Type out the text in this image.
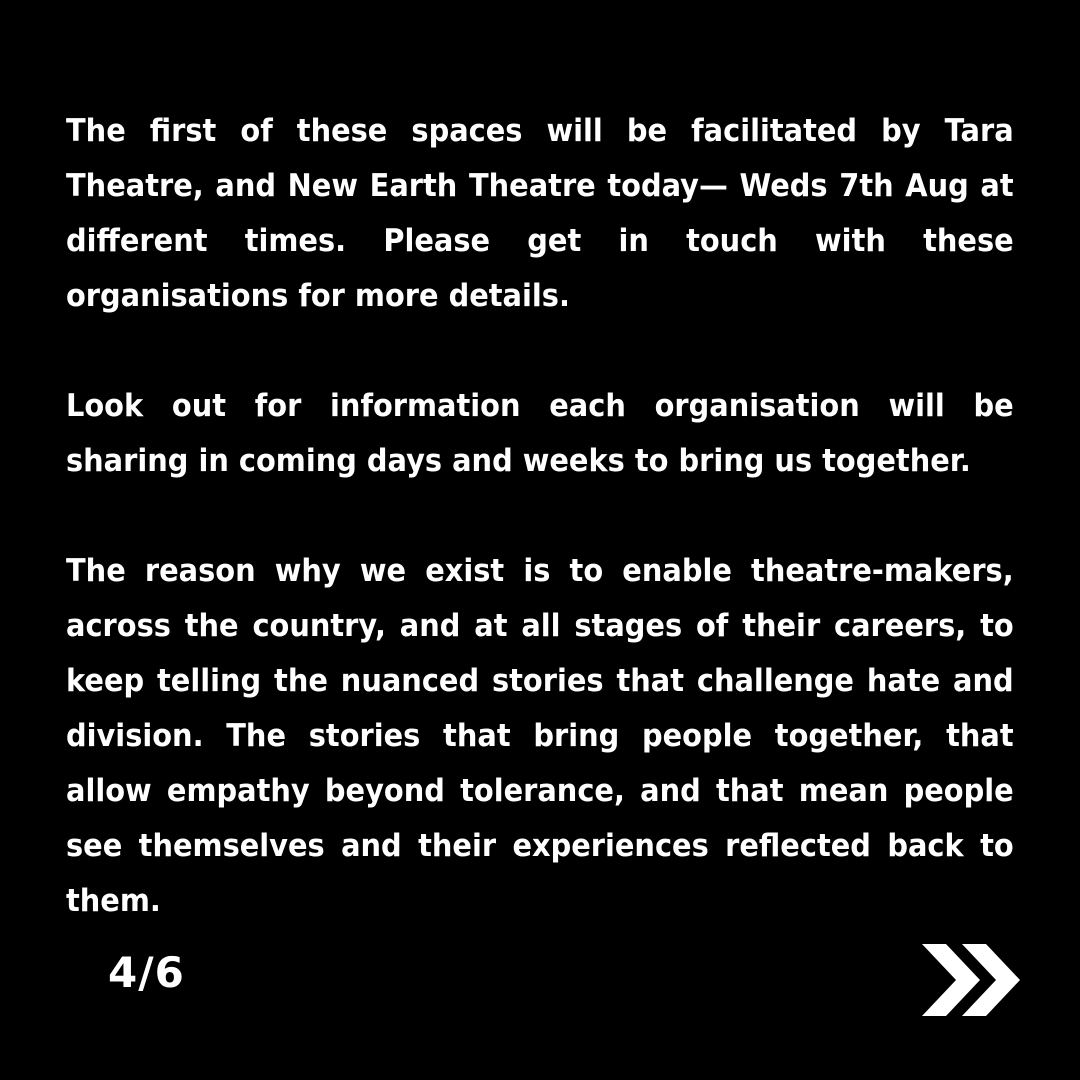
The first of these spaces will be facilitated by Tara Theatre, and New Earth Theatre today— Weds 7th Aug at different times. Please get in touch with these organisations for more details.

Look out for information each organisation will be sharing in coming days and weeks to bring us together.

The reason why we exist is to enable theatre-makers, across the country, and at all stages of their careers, to keep telling the nuanced stories that challenge hate and division. The stories that bring people together, that allow empathy beyond tolerance, and that mean people see themselves and their experiences reflected back to them.

4/6
